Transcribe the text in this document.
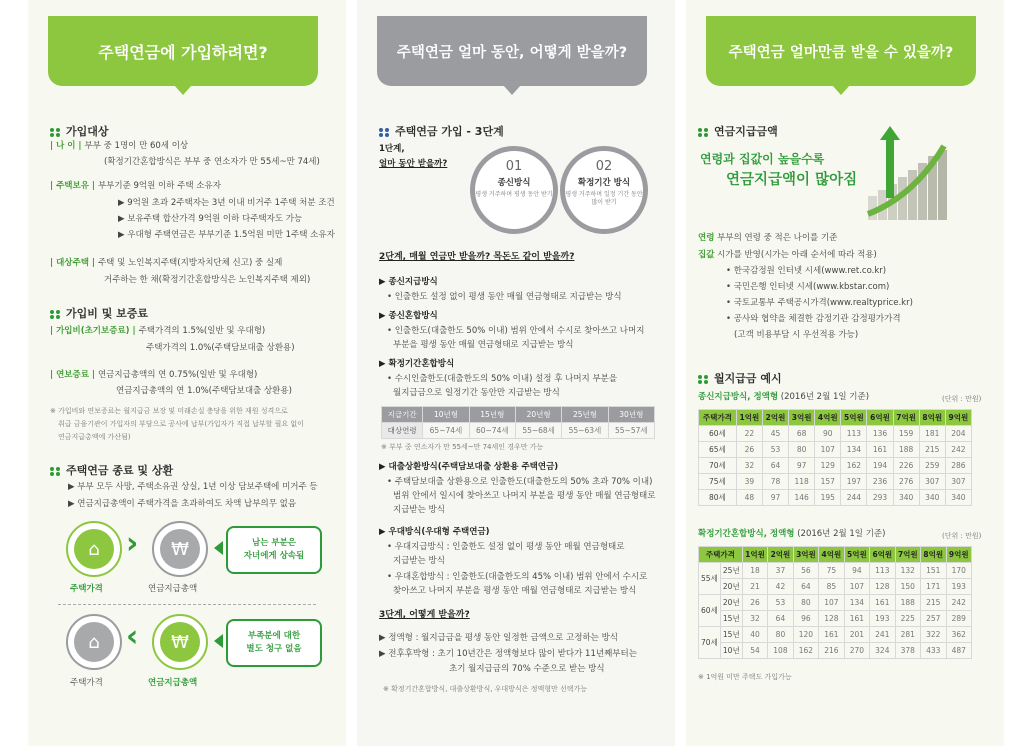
주택연금에 가입하려면?
가입대상
| 나 이 | 부부 중 1명이 만 60세 이상
(확정기간혼합방식은 부부 중 연소자가 만 55세~만 74세)
| 주택보유 | 부부기준 9억원 이하 주택 소유자
▶ 9억원 초과 2주택자는 3년 이내 비거주 1주택 처분 조건
▶ 보유주택 합산가격 9억원 이하 다주택자도 가능
▶ 우대형 주택연금은 부부기준 1.5억원 미만 1주택 소유자
| 대상주택 | 주택 및 노인복지주택(지방자치단체 신고) 중 실제
거주하는 한 채(확정기간혼합방식은 노인복지주택 제외)
가입비 및 보증료
| 가입비(초기보증료) | 주택가격의 1.5%(일반 및 우대형)
주택가격의 1.0%(주택담보대출 상환용)
| 연보증료 | 연금지급총액의 연 0.75%(일반 및 우대형)
연금지급총액의 연 1.0%(주택담보대출 상환용)
※ 가입비와 연보증료는 월지급금 보장 및 미래손실 충당을 위한 재원 성격으로
취급 금융기관이 가입자의 부담으로 공사에 납부(가입자가 직접 납부할 필요 없이
연금지급총액에 가산됨)
주택연금 종료 및 상환
▶ 부부 모두 사망, 주택소유권 상실, 1년 이상 담보주택에 미거주 등
▶ 연금지급총액이 주택가격을 초과하여도 차액 납부의무 없음
⌂ ›	₩	남는 부분은
자녀에게 상속됨
주택가격	연금지급총액
⌂ ‹	₩	부족분에 대한
별도 청구 없음
주택가격	연금지급총액
주택연금 얼마 동안, 어떻게 받을까?
주택연금 가입 - 3단계
1단계,
얼마 동안 받을까?	01
종신방식
평생 거주하며 평생 동안 받기
02
확정기간 방식
평생 거주하며 일정 기간 동안 많이 받기
2단계, 매월 연금만 받을까? 목돈도 같이 받을까?
▶ 종신지급방식
• 인출한도 설정 없이 평생 동안 매월 연금형태로 지급받는 방식
▶ 종신혼합방식
• 인출한도(대출한도 50% 이내) 범위 안에서 수시로 찾아쓰고 나머지
부분을 평생 동안 매월 연금형태로 지급받는 방식
▶ 확정기간혼합방식
• 수시인출한도(대출한도의 50% 이내) 설정 후 나머지 부분을
월지급금으로 일정기간 동안만 지급받는 방식
지급기간	10년형	15년형	20년형	25년형	30년형
대상연령	65~74세	60~74세	55~68세	55~63세	55~57세
※ 부부 중 연소자가 만 55세~만 74세인 경우만 가능
▶ 대출상환방식(주택담보대출 상환용 주택연금)
• 주택담보대출 상환용으로 인출한도(대출한도의 50% 초과 70% 이내)
범위 안에서 일시에 찾아쓰고 나머지 부분을 평생 동안 매월 연금형태로
지급받는 방식
▶ 우대방식(우대형 주택연금)
• 우대지급방식 : 인출한도 설정 없이 평생 동안 매월 연금형태로
지급받는 방식
• 우대혼합방식 : 인출한도(대출한도의 45% 이내) 범위 안에서 수시로
찾아쓰고 나머지 부분을 평생 동안 매월 연금형태로 지급받는 방식
3단계, 어떻게 받을까?
▶ 정액형 : 월지급금을 평생 동안 일정한 금액으로 고정하는 방식
▶ 전후후박형 : 초기 10년간은 정액형보다 많이 받다가 11년째부터는
초기 월지급금의 70% 수준으로 받는 방식
※ 확정기간혼합방식, 대출상환방식, 우대방식은 정액형만 선택가능
주택연금 얼마만큼 받을 수 있을까?
연금지급금액
연령과 집값이 높을수록
연금지급액이 많아짐
연령 부부의 연령 중 적은 나이를 기준
집값 시가를 반영(시가는 아래 순서에 따라 적용)
• 한국감정원 인터넷 시세(www.ret.co.kr)
• 국민은행 인터넷 시세(www.kbstar.com)
• 국토교통부 주택공시가격(www.realtyprice.kr)
• 공사와 협약을 체결한 감정기관 감정평가가격
(고객 비용부담 시 우선적용 가능)
월지급금 예시
종신지급방식, 정액형 (2016년 2월 1일 기준)	(단위 : 만원)
주택가격	1억원	2억원	3억원	4억원	5억원	6억원	7억원	8억원	9억원
60세	22	45	68	90	113	136	159	181	204
65세	26	53	80	107	134	161	188	215	242
70세	32	64	97	129	162	194	226	259	286
75세	39	78	118	157	197	236	276	307	307
80세	48	97	146	195	244	293	340	340	340
확정기간혼합방식, 정액형 (2016년 2월 1일 기준)	(단위 : 만원)
주택가격		1억원	2억원	3억원	4억원	5억원	6억원	7억원	8억원	9억원
55세	25년	18	37	56	75	94	113	132	151	170
	20년	21	42	64	85	107	128	150	171	193
60세	20년	26	53	80	107	134	161	188	215	242
	15년	32	64	96	128	161	193	225	257	289
70세	15년	40	80	120	161	201	241	281	322	362
	10년	54	108	162	216	270	324	378	433	487
※ 1억원 미만 주택도 가입가능
